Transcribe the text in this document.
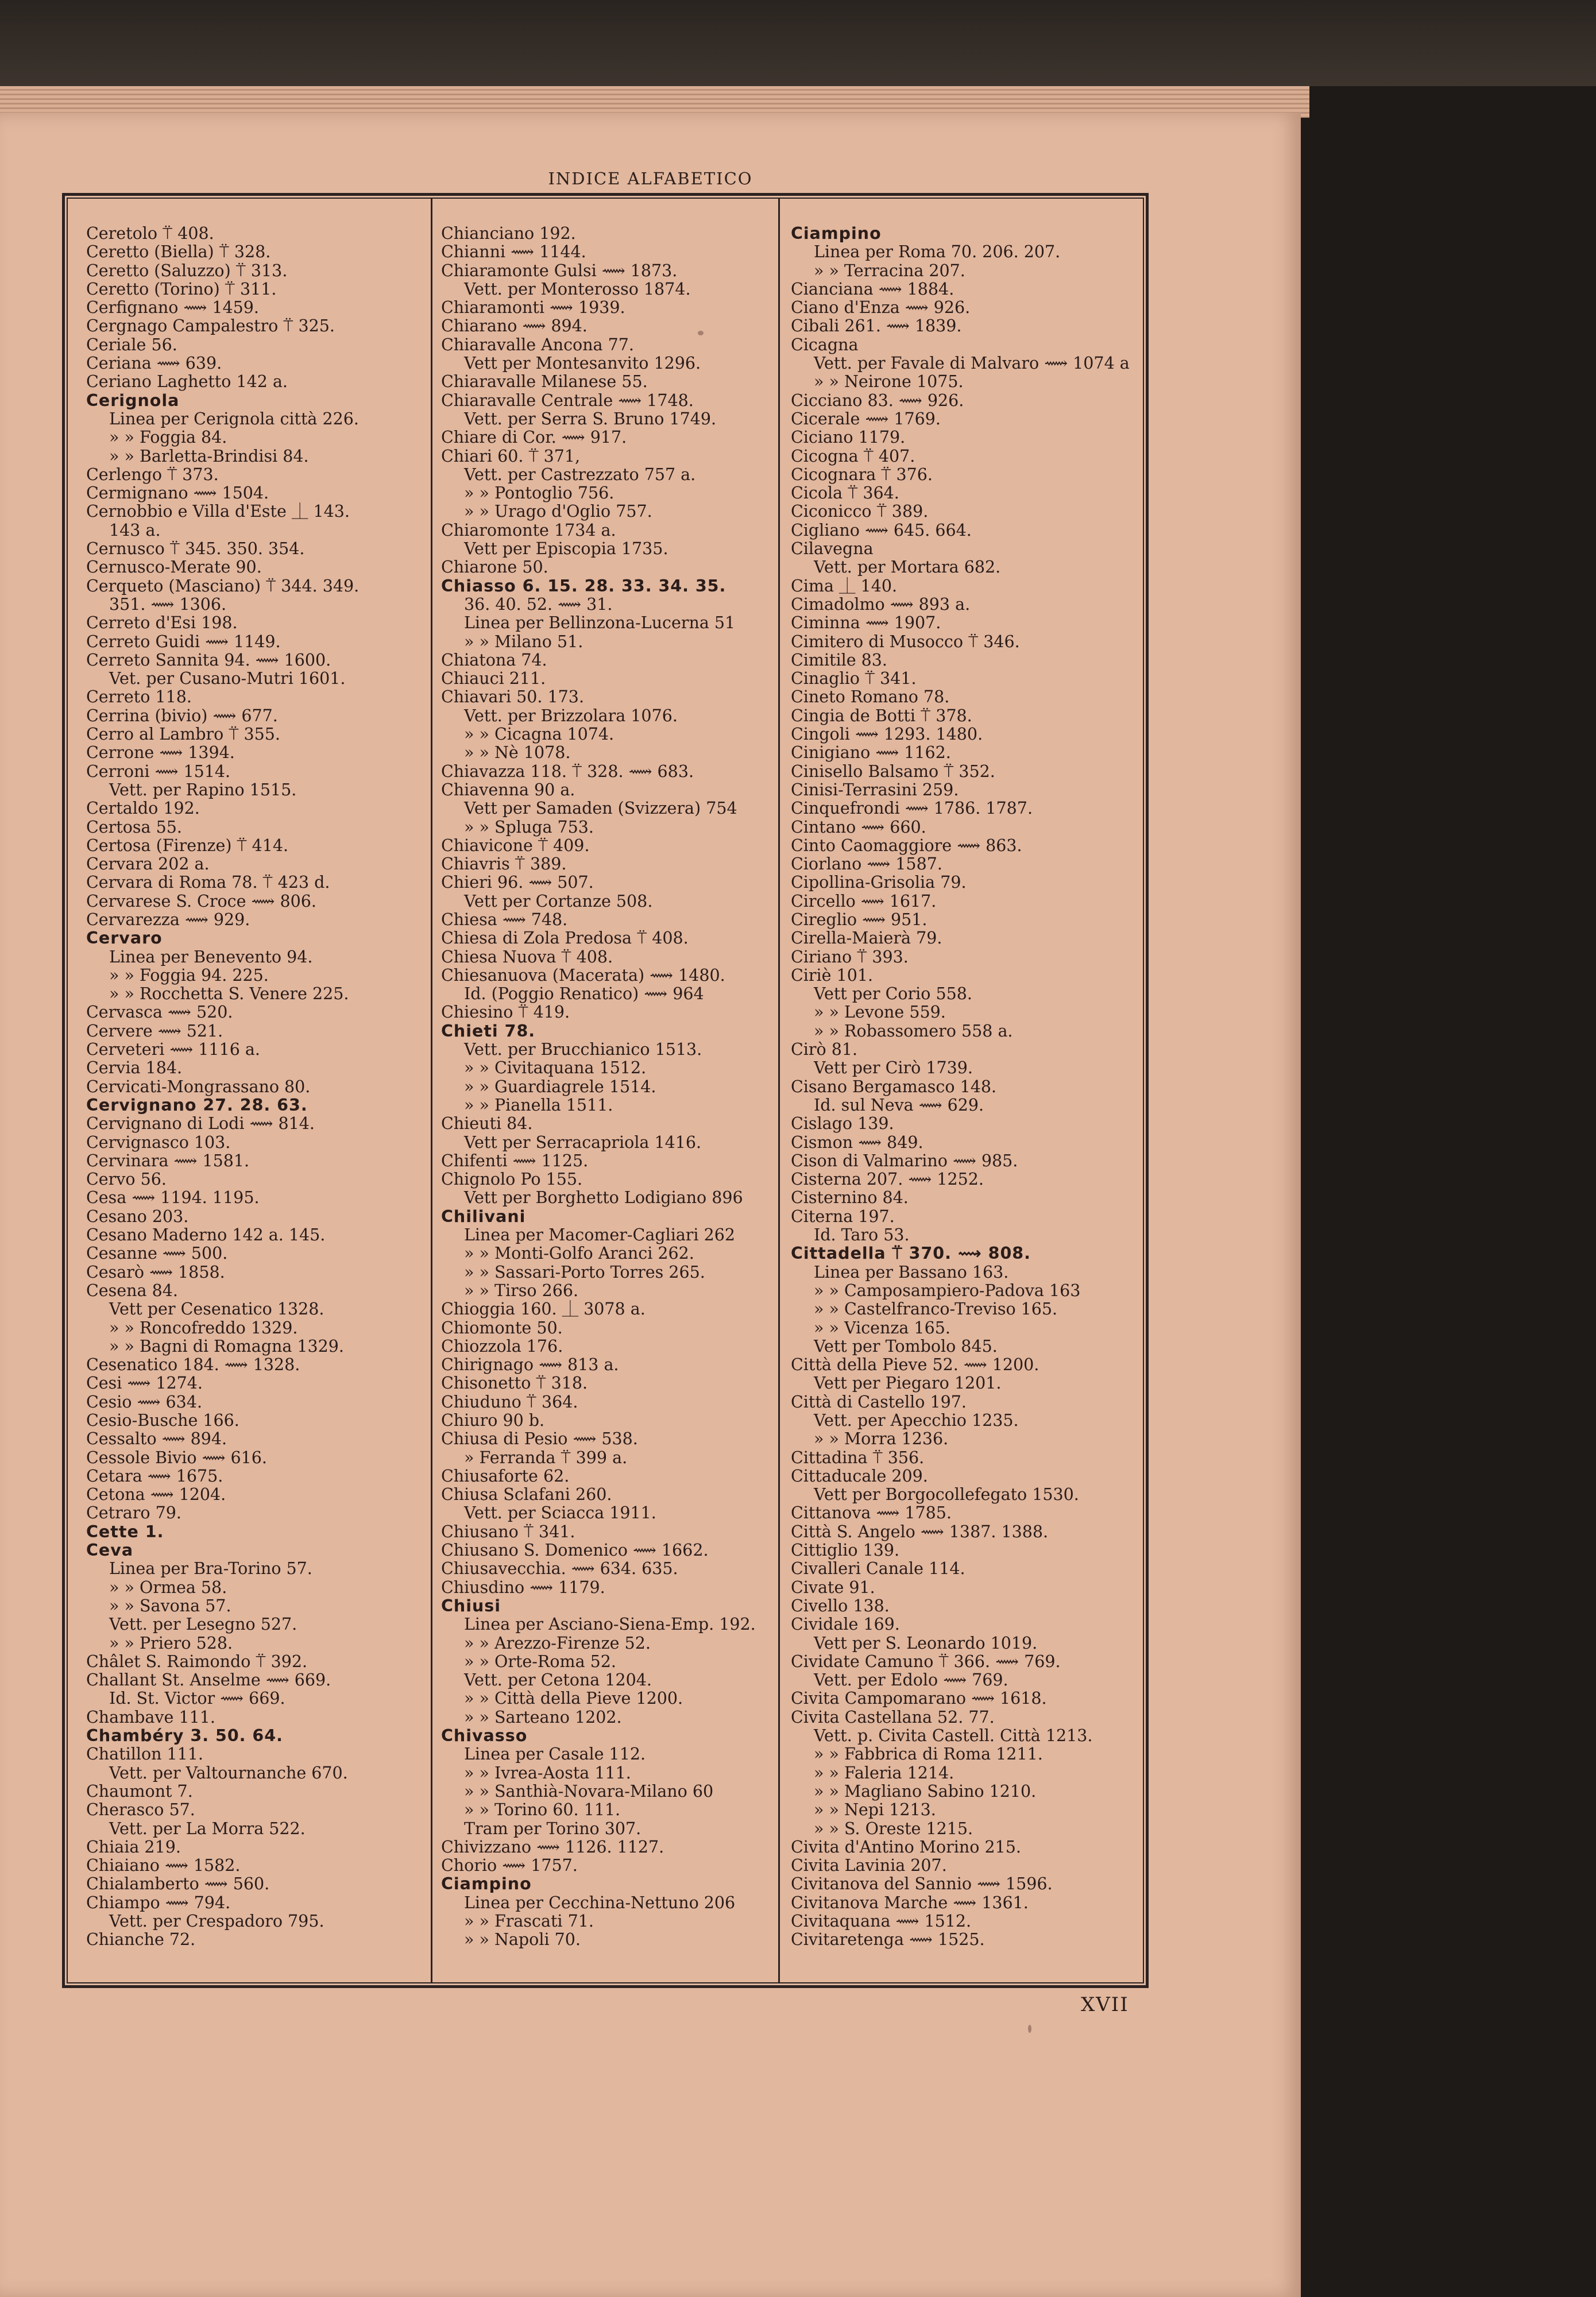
INDICE ALFABETICO
Ceretolo ⍡ 408.
Ceretto (Biella) ⍡ 328.
Ceretto (Saluzzo) ⍡ 313.
Ceretto (Torino) ⍡ 311.
Cerfignano ⟿ 1459.
Cergnago Campalestro ⍡ 325.
Ceriale 56.
Ceriana ⟿ 639.
Ceriano Laghetto 142 a.
Cerignola
Linea per Cerignola città 226.
» » Foggia 84.
» » Barletta-Brindisi 84.
Cerlengo ⍡ 373.
Cermignano ⟿ 1504.
Cernobbio e Villa d'Este ⏊ 143.
143 a.
Cernusco ⍡ 345. 350. 354.
Cernusco-Merate 90.
Cerqueto (Masciano) ⍡ 344. 349.
351. ⟿ 1306.
Cerreto d'Esi 198.
Cerreto Guidi ⟿ 1149.
Cerreto Sannita 94. ⟿ 1600.
Vet. per Cusano-Mutri 1601.
Cerreto 118.
Cerrina (bivio) ⟿ 677.
Cerro al Lambro ⍡ 355.
Cerrone ⟿ 1394.
Cerroni ⟿ 1514.
Vett. per Rapino 1515.
Certaldo 192.
Certosa 55.
Certosa (Firenze) ⍡ 414.
Cervara 202 a.
Cervara di Roma 78. ⍡ 423 d.
Cervarese S. Croce ⟿ 806.
Cervarezza ⟿ 929.
Cervaro
Linea per Benevento 94.
» » Foggia 94. 225.
» » Rocchetta S. Venere 225.
Cervasca ⟿ 520.
Cervere ⟿ 521.
Cerveteri ⟿ 1116 a.
Cervia 184.
Cervicati-Mongrassano 80.
Cervignano 27. 28. 63.
Cervignano di Lodi ⟿ 814.
Cervignasco 103.
Cervinara ⟿ 1581.
Cervo 56.
Cesa ⟿ 1194. 1195.
Cesano 203.
Cesano Maderno 142 a. 145.
Cesanne ⟿ 500.
Cesarò ⟿ 1858.
Cesena 84.
Vett per Cesenatico 1328.
» » Roncofreddo 1329.
» » Bagni di Romagna 1329.
Cesenatico 184. ⟿ 1328.
Cesi ⟿ 1274.
Cesio ⟿ 634.
Cesio-Busche 166.
Cessalto ⟿ 894.
Cessole Bivio ⟿ 616.
Cetara ⟿ 1675.
Cetona ⟿ 1204.
Cetraro 79.
Cette 1.
Ceva
Linea per Bra-Torino 57.
» » Ormea 58.
» » Savona 57.
Vett. per Lesegno 527.
» » Priero 528.
Châlet S. Raimondo ⍡ 392.
Challant St. Anselme ⟿ 669.
Id. St. Victor ⟿ 669.
Chambave 111.
Chambéry 3. 50. 64.
Chatillon 111.
Vett. per Valtournanche 670.
Chaumont 7.
Cherasco 57.
Vett. per La Morra 522.
Chiaia 219.
Chiaiano ⟿ 1582.
Chialamberto ⟿ 560.
Chiampo ⟿ 794.
Vett. per Crespadoro 795.
Chianche 72.
Chianciano 192.
Chianni ⟿ 1144.
Chiaramonte Gulsi ⟿ 1873.
Vett. per Monterosso 1874.
Chiaramonti ⟿ 1939.
Chiarano ⟿ 894.
Chiaravalle Ancona 77.
Vett per Montesanvito 1296.
Chiaravalle Milanese 55.
Chiaravalle Centrale ⟿ 1748.
Vett. per Serra S. Bruno 1749.
Chiare di Cor. ⟿ 917.
Chiari 60. ⍡ 371,
Vett. per Castrezzato 757 a.
» » Pontoglio 756.
» » Urago d'Oglio 757.
Chiaromonte 1734 a.
Vett per Episcopia 1735.
Chiarone 50.
Chiasso 6. 15. 28. 33. 34. 35.
36. 40. 52. ⟿ 31.
Linea per Bellinzona-Lucerna 51
» » Milano 51.
Chiatona 74.
Chiauci 211.
Chiavari 50. 173.
Vett. per Brizzolara 1076.
» » Cicagna 1074.
» » Nè 1078.
Chiavazza 118. ⍡ 328. ⟿ 683.
Chiavenna 90 a.
Vett per Samaden (Svizzera) 754
» » Spluga 753.
Chiavicone ⍡ 409.
Chiavris ⍡ 389.
Chieri 96. ⟿ 507.
Vett per Cortanze 508.
Chiesa ⟿ 748.
Chiesa di Zola Predosa ⍡ 408.
Chiesa Nuova ⍡ 408.
Chiesanuova (Macerata) ⟿ 1480.
Id. (Poggio Renatico) ⟿ 964
Chiesino ⍡ 419.
Chieti 78.
Vett. per Brucchianico 1513.
» » Civitaquana 1512.
» » Guardiagrele 1514.
» » Pianella 1511.
Chieuti 84.
Vett per Serracapriola 1416.
Chifenti ⟿ 1125.
Chignolo Po 155.
Vett per Borghetto Lodigiano 896
Chilivani
Linea per Macomer-Cagliari 262
» » Monti-Golfo Aranci 262.
» » Sassari-Porto Torres 265.
» » Tirso 266.
Chioggia 160. ⏊ 3078 a.
Chiomonte 50.
Chiozzola 176.
Chirignago ⟿ 813 a.
Chisonetto ⍡ 318.
Chiuduno ⍡ 364.
Chiuro 90 b.
Chiusa di Pesio ⟿ 538.
» Ferranda ⍡ 399 a.
Chiusaforte 62.
Chiusa Sclafani 260.
Vett. per Sciacca 1911.
Chiusano ⍡ 341.
Chiusano S. Domenico ⟿ 1662.
Chiusavecchia. ⟿ 634. 635.
Chiusdino ⟿ 1179.
Chiusi
Linea per Asciano-Siena-Emp. 192.
» » Arezzo-Firenze 52.
» » Orte-Roma 52.
Vett. per Cetona 1204.
» » Città della Pieve 1200.
» » Sarteano 1202.
Chivasso
Linea per Casale 112.
» » Ivrea-Aosta 111.
» » Santhià-Novara-Milano 60
» » Torino 60. 111.
Tram per Torino 307.
Chivizzano ⟿ 1126. 1127.
Chorio ⟿ 1757.
Ciampino
Linea per Cecchina-Nettuno 206
» » Frascati 71.
» » Napoli 70.
Ciampino
Linea per Roma 70. 206. 207.
» » Terracina 207.
Cianciana ⟿ 1884.
Ciano d'Enza ⟿ 926.
Cibali 261. ⟿ 1839.
Cicagna
Vett. per Favale di Malvaro ⟿ 1074 a
» » Neirone 1075.
Cicciano 83. ⟿ 926.
Cicerale ⟿ 1769.
Ciciano 1179.
Cicogna ⍡ 407.
Cicognara ⍡ 376.
Cicola ⍡ 364.
Ciconicco ⍡ 389.
Cigliano ⟿ 645. 664.
Cilavegna
Vett. per Mortara 682.
Cima ⏊ 140.
Cimadolmo ⟿ 893 a.
Ciminna ⟿ 1907.
Cimitero di Musocco ⍡ 346.
Cimitile 83.
Cinaglio ⍡ 341.
Cineto Romano 78.
Cingia de Botti ⍡ 378.
Cingoli ⟿ 1293. 1480.
Cinigiano ⟿ 1162.
Cinisello Balsamo ⍡ 352.
Cinisi-Terrasini 259.
Cinquefrondi ⟿ 1786. 1787.
Cintano ⟿ 660.
Cinto Caomaggiore ⟿ 863.
Ciorlano ⟿ 1587.
Cipollina-Grisolia 79.
Circello ⟿ 1617.
Cireglio ⟿ 951.
Cirella-Maierà 79.
Ciriano ⍡ 393.
Ciriè 101.
Vett per Corio 558.
» » Levone 559.
» » Robassomero 558 a.
Cirò 81.
Vett per Cirò 1739.
Cisano Bergamasco 148.
Id. sul Neva ⟿ 629.
Cislago 139.
Cismon ⟿ 849.
Cison di Valmarino ⟿ 985.
Cisterna 207. ⟿ 1252.
Cisternino 84.
Citerna 197.
Id. Taro 53.
Cittadella ⍡ 370. ⟿ 808.
Linea per Bassano 163.
» » Camposampiero-Padova 163
» » Castelfranco-Treviso 165.
» » Vicenza 165.
Vett per Tombolo 845.
Città della Pieve 52. ⟿ 1200.
Vett per Piegaro 1201.
Città di Castello 197.
Vett. per Apecchio 1235.
» » Morra 1236.
Cittadina ⍡ 356.
Cittaducale 209.
Vett per Borgocollefegato 1530.
Cittanova ⟿ 1785.
Città S. Angelo ⟿ 1387. 1388.
Cittiglio 139.
Civalleri Canale 114.
Civate 91.
Civello 138.
Cividale 169.
Vett per S. Leonardo 1019.
Cividate Camuno ⍡ 366. ⟿ 769.
Vett. per Edolo ⟿ 769.
Civita Campomarano ⟿ 1618.
Civita Castellana 52. 77.
Vett. p. Civita Castell. Città 1213.
» » Fabbrica di Roma 1211.
» » Faleria 1214.
» » Magliano Sabino 1210.
» » Nepi 1213.
» » S. Oreste 1215.
Civita d'Antino Morino 215.
Civita Lavinia 207.
Civitanova del Sannio ⟿ 1596.
Civitanova Marche ⟿ 1361.
Civitaquana ⟿ 1512.
Civitaretenga ⟿ 1525.
XVII
